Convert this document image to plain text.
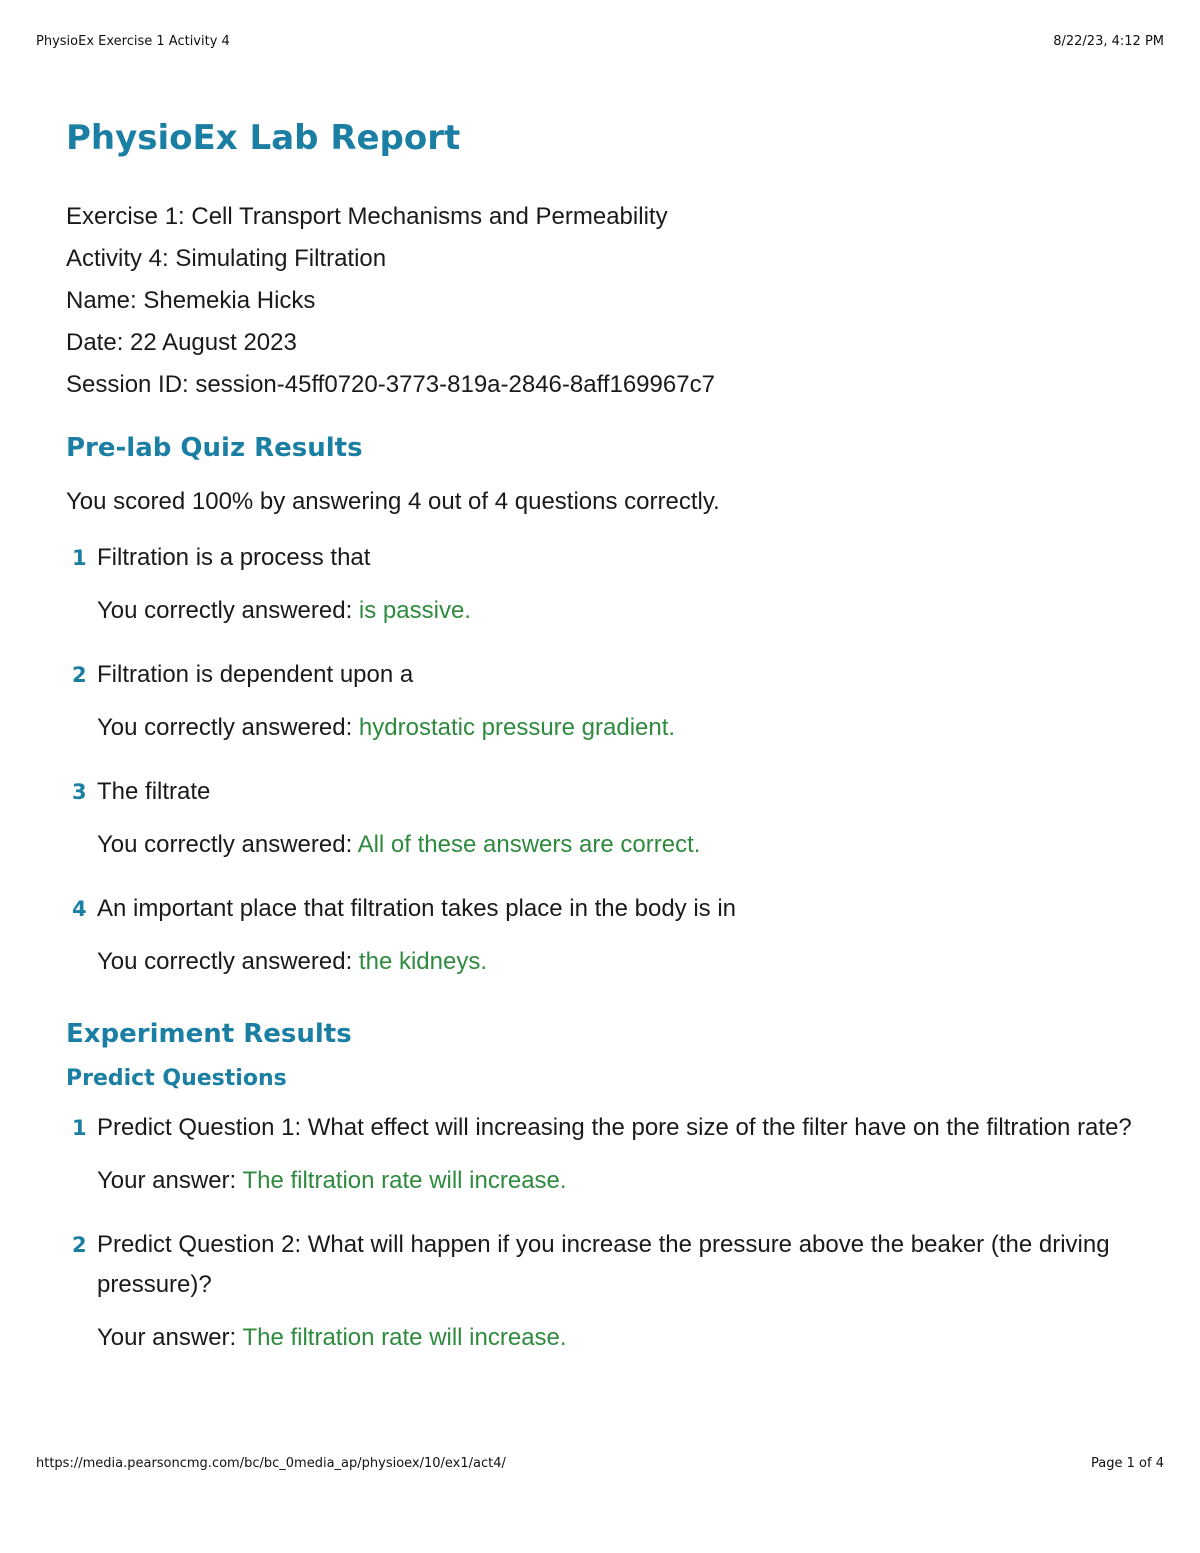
PhysioEx Exercise 1 Activity 4	8/22/23, 4:12 PM
PhysioEx Lab Report
Exercise 1: Cell Transport Mechanisms and Permeability
Activity 4: Simulating Filtration
Name: Shemekia Hicks
Date: 22 August 2023
Session ID: session-45ff0720-3773-819a-2846-8aff169967c7
Pre-lab Quiz Results
You scored 100% by answering 4 out of 4 questions correctly.
1 Filtration is a process that
You correctly answered: is passive.
2 Filtration is dependent upon a
You correctly answered: hydrostatic pressure gradient.
3 The filtrate
You correctly answered: All of these answers are correct.
4 An important place that filtration takes place in the body is in
You correctly answered: the kidneys.
Experiment Results
Predict Questions
1 Predict Question 1: What effect will increasing the pore size of the filter have on the filtration rate?
Your answer: The filtration rate will increase.
2 Predict Question 2: What will happen if you increase the pressure above the beaker (the driving pressure)?
Your answer: The filtration rate will increase.
https://media.pearsoncmg.com/bc/bc_0media_ap/physioex/10/ex1/act4/	Page 1 of 4
